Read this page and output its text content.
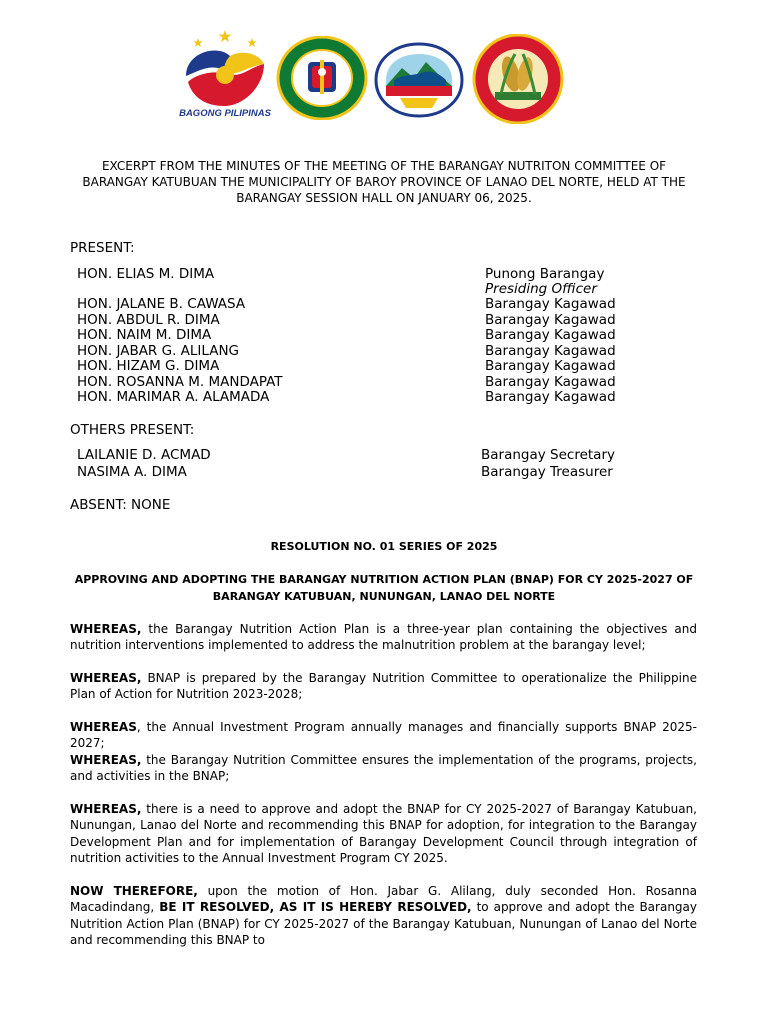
BAGONG PILIPINAS
EXCERPT FROM THE MINUTES OF THE MEETING OF THE BARANGAY NUTRITON COMMITTEE OF BARANGAY KATUBUAN THE MUNICIPALITY OF BAROY PROVINCE OF LANAO DEL NORTE, HELD AT THE BARANGAY SESSION HALL ON JANUARY 06, 2025.
PRESENT:
HON. ELIAS M. DIMA	Punong Barangay
Presiding Officer
HON. JALANE B. CAWASA	Barangay Kagawad
HON. ABDUL R. DIMA	Barangay Kagawad
HON. NAIM M. DIMA	Barangay Kagawad
HON. JABAR G. ALILANG	Barangay Kagawad
HON. HIZAM G. DIMA	Barangay Kagawad
HON. ROSANNA M. MANDAPAT	Barangay Kagawad
HON. MARIMAR A. ALAMADA	Barangay Kagawad
OTHERS PRESENT:
LAILANIE D. ACMAD	Barangay Secretary
NASIMA A. DIMA	Barangay Treasurer
ABSENT: NONE
RESOLUTION NO. 01 SERIES OF 2025
APPROVING AND ADOPTING THE BARANGAY NUTRITION ACTION PLAN (BNAP) FOR CY 2025-2027 OF BARANGAY KATUBUAN, NUNUNGAN, LANAO DEL NORTE
WHEREAS, the Barangay Nutrition Action Plan is a three-year plan containing the objectives and nutrition interventions implemented to address the malnutrition problem at the barangay level;
WHEREAS, BNAP is prepared by the Barangay Nutrition Committee to operationalize the Philippine Plan of Action for Nutrition 2023-2028;
WHEREAS, the Annual Investment Program annually manages and financially supports BNAP 2025-2027;
WHEREAS, the Barangay Nutrition Committee ensures the implementation of the programs, projects, and activities in the BNAP;
WHEREAS, there is a need to approve and adopt the BNAP for CY 2025-2027 of Barangay Katubuan, Nunungan, Lanao del Norte and recommending this BNAP for adoption, for integration to the Barangay Development Plan and for implementation of Barangay Development Council through integration of nutrition activities to the Annual Investment Program CY 2025.
NOW THEREFORE, upon the motion of Hon. Jabar G. Alilang, duly seconded Hon. Rosanna Macadindang, BE IT RESOLVED, AS IT IS HEREBY RESOLVED, to approve and adopt the Barangay Nutrition Action Plan (BNAP) for CY 2025-2027 of the Barangay Katubuan, Nunungan of Lanao del Norte and recommending this BNAP to
